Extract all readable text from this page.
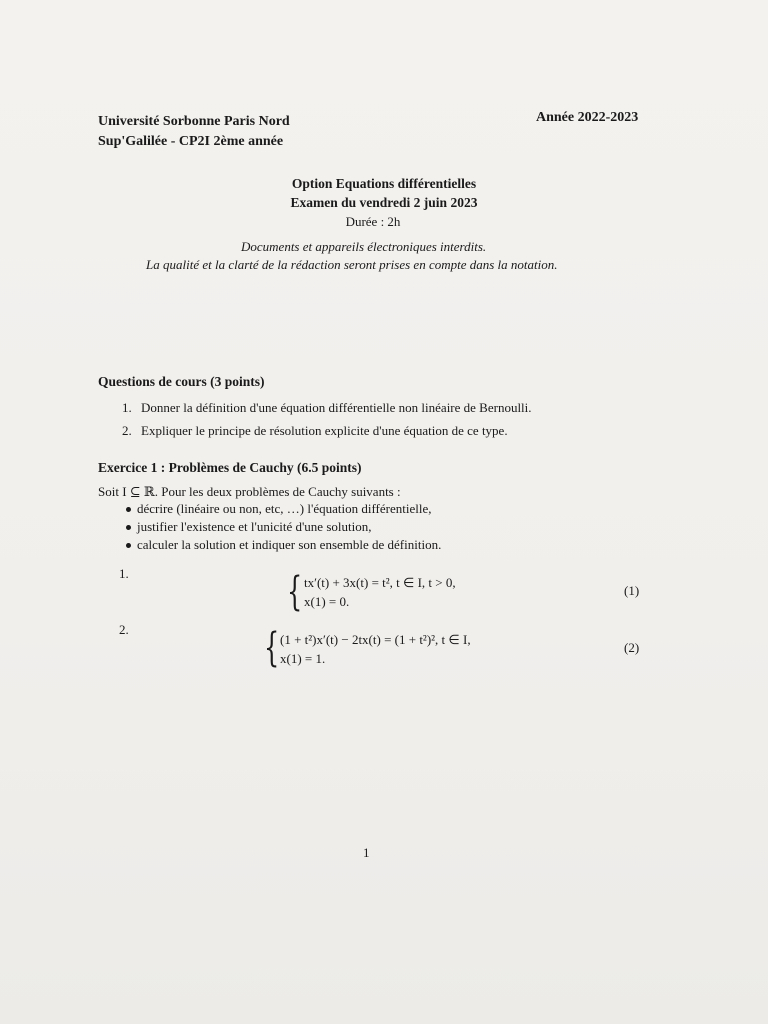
Université Sorbonne Paris Nord
Sup'Galilée - CP2I 2ème année
Année 2022-2023
Option Equations différentielles
Examen du vendredi 2 juin 2023
Durée : 2h
Documents et appareils électroniques interdits.
La qualité et la clarté de la rédaction seront prises en compte dans la notation.
Questions de cours (3 points)
1. Donner la définition d'une équation différentielle non linéaire de Bernoulli.
2. Expliquer le principe de résolution explicite d'une équation de ce type.
Exercice 1 : Problèmes de Cauchy (6.5 points)
Soit I ⊆ ℝ. Pour les deux problèmes de Cauchy suivants :
décrire (linéaire ou non, etc, …) l'équation différentielle,
justifier l'existence et l'unicité d'une solution,
calculer la solution et indiquer son ensemble de définition.
1.	{ tx′(t) + 3x(t) = t², t ∈ I, t > 0,
x(1) = 0.
(1)
2.	{ (1 + t²)x′(t) − 2tx(t) = (1 + t²)², t ∈ I,
x(1) = 1.
(2)
1
